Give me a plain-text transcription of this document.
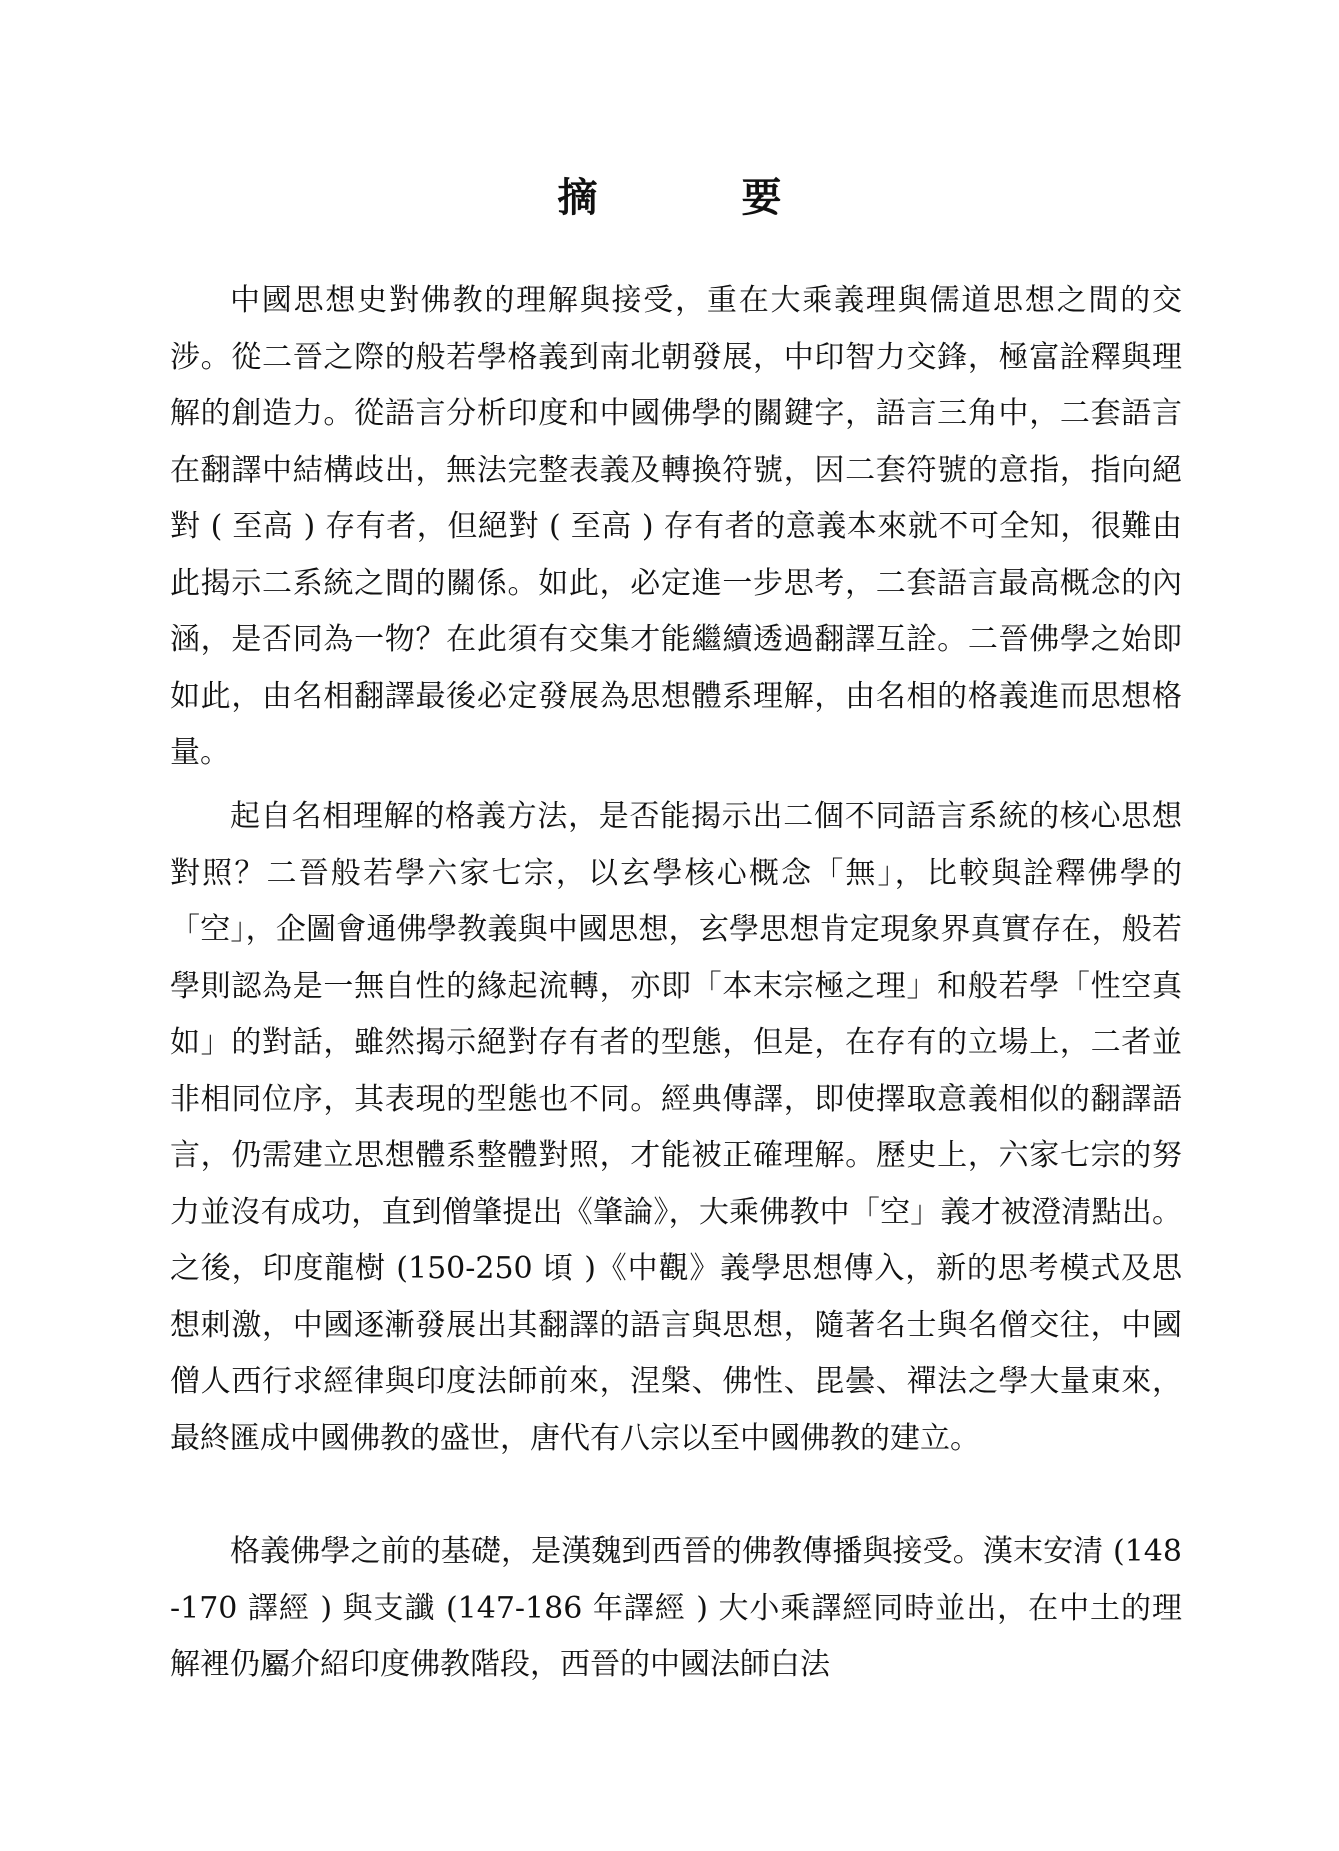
摘　要

中國思想史對佛教的理解與接受，重在大乘義理與儒道思想之間的交涉。從二晉之際的般若學格義到南北朝發展，中印智力交鋒，極富詮釋與理解的創造力。從語言分析印度和中國佛學的關鍵字，語言三角中，二套語言在翻譯中結構歧出，無法完整表義及轉換符號，因二套符號的意指，指向絕對 ( 至高 ) 存有者，但絕對 ( 至高 ) 存有者的意義本來就不可全知，很難由此揭示二系統之間的關係。如此，必定進一步思考，二套語言最高概念的內涵，是否同為一物？在此須有交集才能繼續透過翻譯互詮。二晉佛學之始即如此，由名相翻譯最後必定發展為思想體系理解，由名相的格義進而思想格量。

起自名相理解的格義方法，是否能揭示出二個不同語言系統的核心思想對照？二晉般若學六家七宗，以玄學核心概念「無」，比較與詮釋佛學的「空」，企圖會通佛學教義與中國思想，玄學思想肯定現象界真實存在，般若學則認為是一無自性的緣起流轉，亦即「本末宗極之理」和般若學「性空真如」的對話，雖然揭示絕對存有者的型態，但是，在存有的立場上，二者並非相同位序，其表現的型態也不同。經典傳譯，即使擇取意義相似的翻譯語言，仍需建立思想體系整體對照，才能被正確理解。歷史上，六家七宗的努力並沒有成功，直到僧肇提出《肇論》，大乘佛教中「空」義才被澄清點出。之後，印度龍樹 (150-250 頃 )《中觀》義學思想傳入，新的思考模式及思想刺激，中國逐漸發展出其翻譯的語言與思想，隨著名士與名僧交往，中國僧人西行求經律與印度法師前來，涅槃、佛性、毘曇、禪法之學大量東來，最終匯成中國佛教的盛世，唐代有八宗以至中國佛教的建立。

格義佛學之前的基礎，是漢魏到西晉的佛教傳播與接受。漢末安清 (148-170 譯經 ) 與支讖 (147-186 年譯經 ) 大小乘譯經同時並出，在中土的理解裡仍屬介紹印度佛教階段，西晉的中國法師白法
